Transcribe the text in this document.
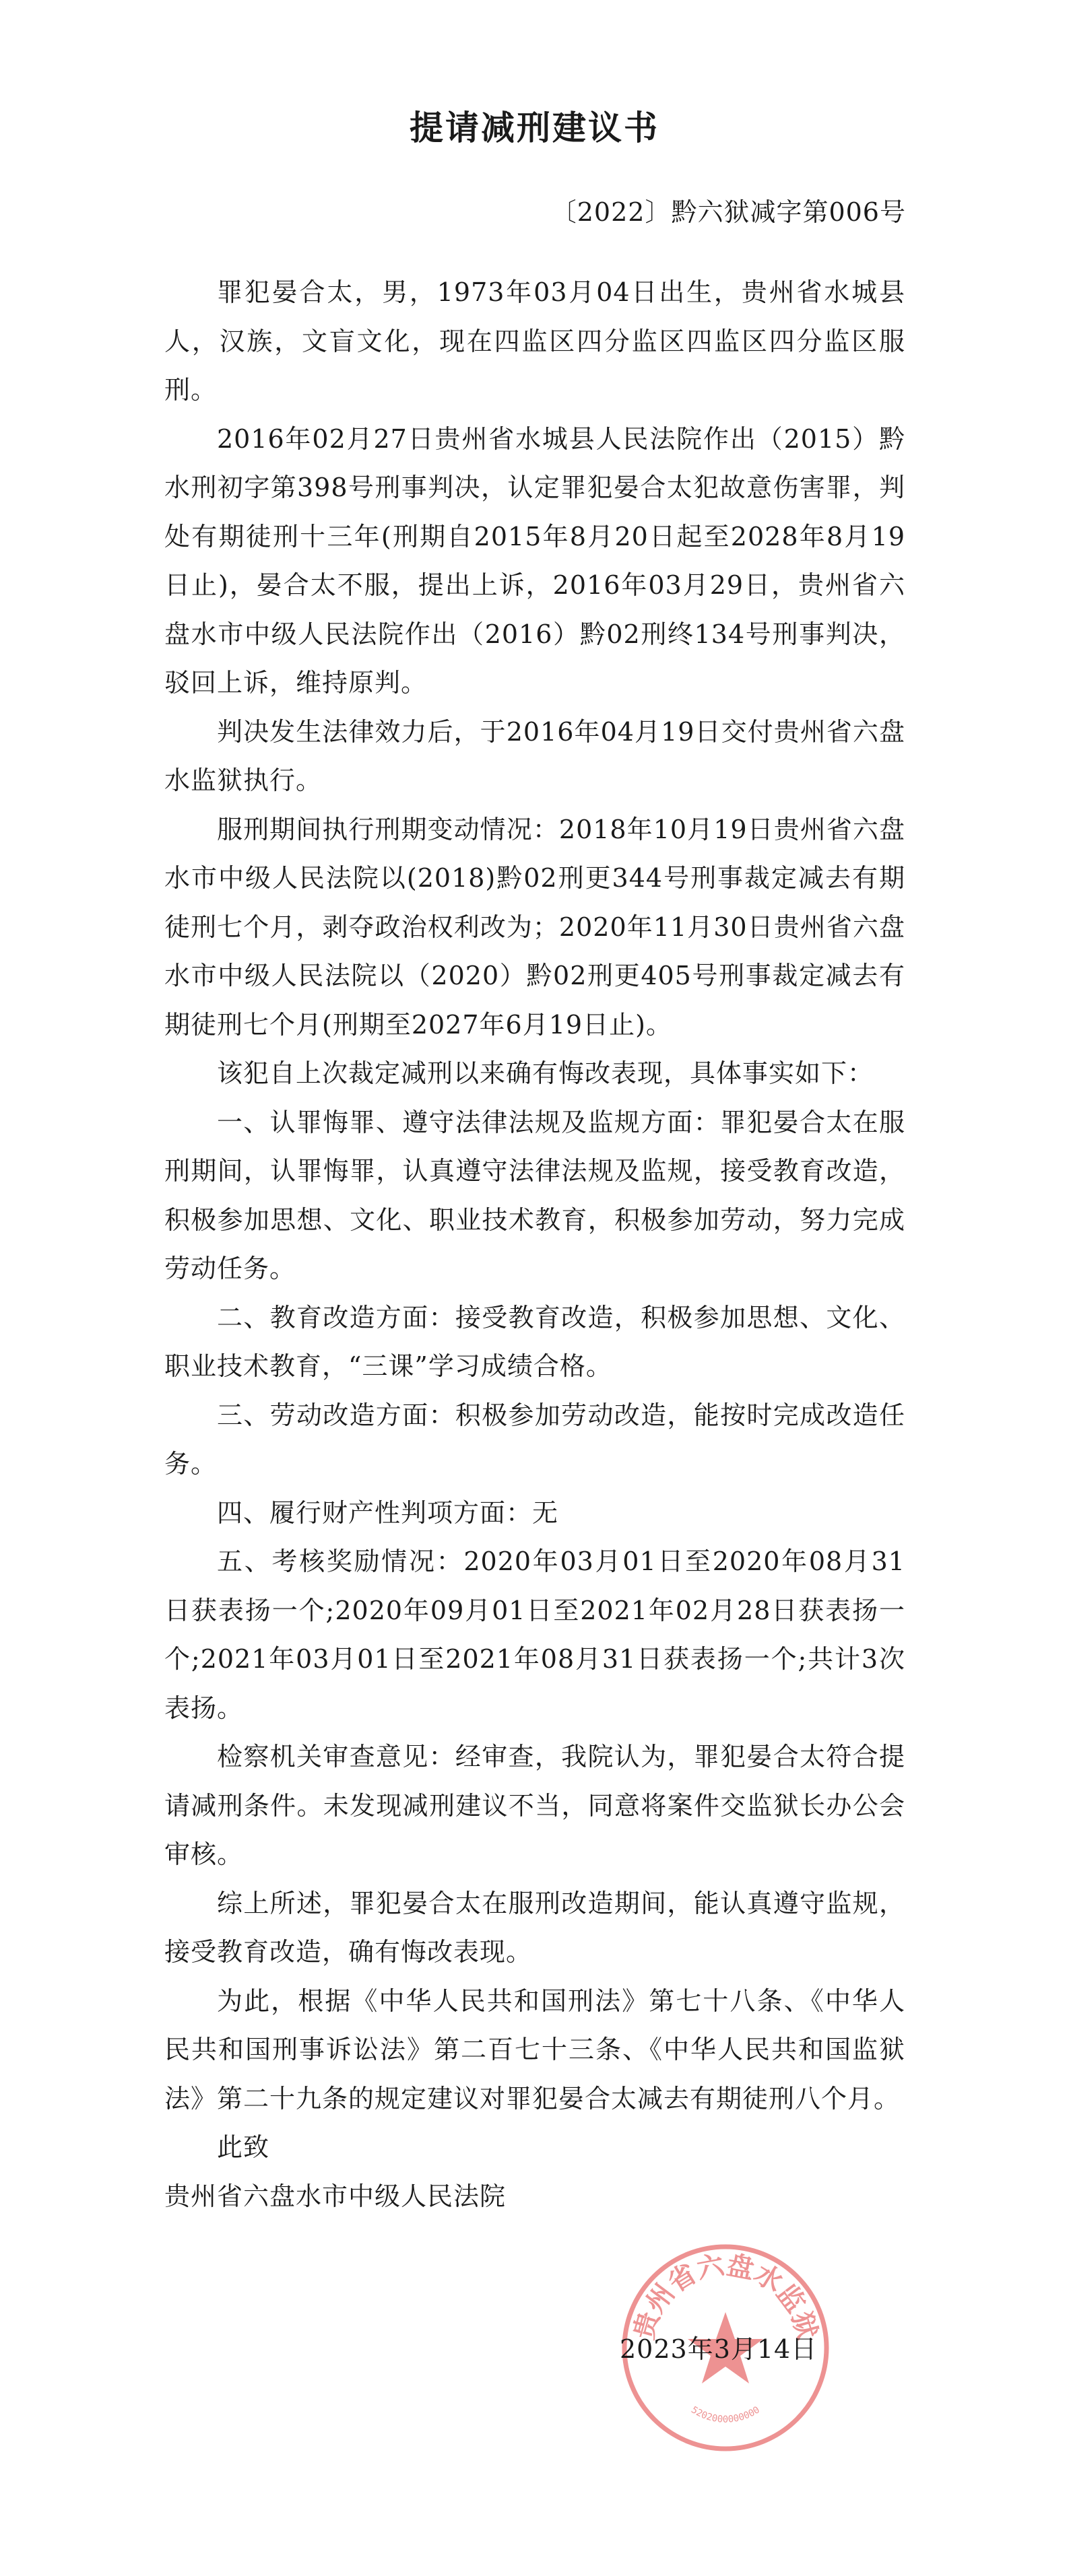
提请减刑建议书
〔2022〕黔六狱减字第006号

罪犯晏合太，男，1973年03月04日出生，贵州省水城县人，汉族，文盲文化，现在四监区四分监区四监区四分监区服刑。

2016年02月27日贵州省水城县人民法院作出（2015）黔水刑初字第398号刑事判决，认定罪犯晏合太犯故意伤害罪，判处有期徒刑十三年(刑期自2015年8月20日起至2028年8月19日止)，晏合太不服，提出上诉，2016年03月29日，贵州省六盘水市中级人民法院作出（2016）黔02刑终134号刑事判决，驳回上诉，维持原判。

判决发生法律效力后，于2016年04月19日交付贵州省六盘水监狱执行。

服刑期间执行刑期变动情况：2018年10月19日贵州省六盘水市中级人民法院以(2018)黔02刑更344号刑事裁定减去有期徒刑七个月，剥夺政治权利改为；2020年11月30日贵州省六盘水市中级人民法院以（2020）黔02刑更405号刑事裁定减去有期徒刑七个月(刑期至2027年6月19日止)。

该犯自上次裁定减刑以来确有悔改表现，具体事实如下：

一、认罪悔罪、遵守法律法规及监规方面：罪犯晏合太在服刑期间，认罪悔罪，认真遵守法律法规及监规，接受教育改造，积极参加思想、文化、职业技术教育，积极参加劳动，努力完成劳动任务。

二、教育改造方面：接受教育改造，积极参加思想、文化、职业技术教育，“三课”学习成绩合格。

三、劳动改造方面：积极参加劳动改造，能按时完成改造任务。

四、履行财产性判项方面：无

五、考核奖励情况：2020年03月01日至2020年08月31日获表扬一个;2020年09月01日至2021年02月28日获表扬一个;2021年03月01日至2021年08月31日获表扬一个;共计3次表扬。

检察机关审查意见：经审查，我院认为，罪犯晏合太符合提请减刑条件。未发现减刑建议不当，同意将案件交监狱长办公会审核。

综上所述，罪犯晏合太在服刑改造期间，能认真遵守监规，接受教育改造，确有悔改表现。

为此，根据《中华人民共和国刑法》第七十八条、《中华人民共和国刑事诉讼法》第二百七十三条、《中华人民共和国监狱法》第二十九条的规定建议对罪犯晏合太减去有期徒刑八个月。

此致

贵州省六盘水市中级人民法院

贵州省六盘水监狱
5202000000000
2023年3月14日
